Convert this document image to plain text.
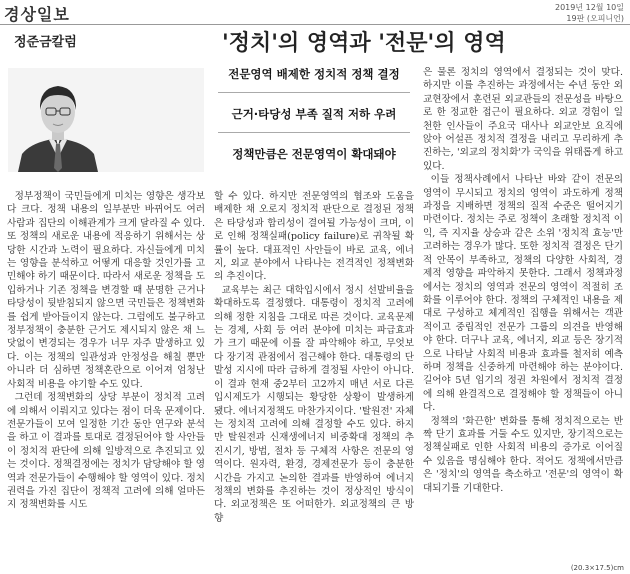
경상일보	2019년 12월 10일
19판 (오피니언)
정준금칼럼	'정치'의 영역과 '전문'의 영역
전문영역 배제한 정치적 정책 결정
근거·타당성 부족 질적 저하 우려
정책만큼은 전문영역이 확대돼야

정부정책이 국민들에게 미치는 영향은 생각보다 크다. 정책 내용의 일부분만 바뀌어도 여러 사람과 집단의 이해관계가 크게 달라질 수 있다. 또 정책의 새로운 내용에 적응하기 위해서는 상당한 시간과 노력이 필요하다. 자신들에게 미치는 영향을 분석하고 어떻게 대응할 것인가를 고민해야 하기 때문이다. 따라서 새로운 정책을 도입하거나 기존 정책을 변경할 때 분명한 근거나 타당성이 뒷받침되지 않으면 국민들은 정책변화를 쉽게 받아들이지 않는다. 그럼에도 불구하고 정부정책이 충분한 근거도 제시되지 않은 채 느닷없이 변경되는 경우가 너무 자주 발생하고 있다. 이는 정책의 일관성과 안정성을 해칠 뿐만 아니라 더 심하면 정책혼란으로 이어져 엄청난 사회적 비용을 야기할 수도 있다.

그런데 정책변화의 상당 부분이 정치적 고려에 의해서 이뤄지고 있다는 점이 더욱 문제이다. 전문가들이 모여 일정한 기간 동안 연구와 분석을 하고 이 결과를 토대로 결정된어야 할 사안들이 정치적 판단에 의해 일방적으로 추진되고 있는 것이다. 정책결정에는 정치가 담당해야 할 영역과 전문가들이 수행해야 할 영역이 있다. 정치권력을 가진 집단이 정책적 고려에 의해 얼마든지 정책변화를 시도

할 수 있다. 하지만 전문영역의 협조와 도움을 배제한 채 오로지 정치적 판단으로 결정된 정책은 타당성과 합리성이 결여될 가능성이 크며, 이로 인해 정책실패(policy failure)로 귀착될 확률이 높다. 대표적인 사안들이 바로 교육, 에너지, 외교 분야에서 나타나는 전격적인 정책변화의 추진이다.

교육부는 최근 대학입시에서 정시 선발비율을 확대하도록 결정했다. 대통령이 정치적 고려에 의해 정한 지침을 그대로 따른 것이다. 교육문제는 경제, 사회 등 여러 분야에 미치는 파급효과가 크기 때문에 이를 잘 파악해야 하고, 무엇보다 장기적 관점에서 접근해야 한다. 대통령의 단발성 지시에 따라 급하게 결정될 사안이 아니다. 이 결과 현재 중2부터 고2까지 매년 서로 다른 입시제도가 시행되는 황당한 상황이 발생하게 됐다. 에너지정책도 마찬가지이다. '탈원전' 자체는 정치적 고려에 의해 결정할 수도 있다. 하지만 탈원전과 신재생에너지 비중확대 정책의 추진시기, 방법, 절차 등 구체적 사항은 전문의 영역이다. 원자력, 환경, 경제전문가 등이 충분한 시간을 가지고 논의한 결과를 반영하여 에너지정책의 변화를 추진하는 것이 정상적인 방식이다. 외교정책은 또 어떠한가. 외교정책의 큰 방향

은 물론 정치의 영역에서 결정되는 것이 맞다. 하지만 이를 추진하는 과정에서는 수년 동안 외교현장에서 훈련된 외교관들의 전문성을 바탕으로 한 정교한 접근이 필요하다. 외교 경험이 일천한 인사들이 주요국 대사나 외교안보 요직에 앉아 어설픈 정치적 결정을 내리고 무리하게 추진하는, '외교의 정치화'가 국익을 위태롭게 하고 있다.

이들 정책사례에서 나타난 바와 같이 전문의 영역이 무시되고 정치의 영역이 과도하게 정책과정을 지배하면 정책의 질적 수준은 떨어지기 마련이다. 정치는 주로 정책이 초래할 정치적 이익, 즉 지지율 상승과 같은 소위 '정치적 효능'만 고려하는 경우가 많다. 또한 정치적 결정은 단기적 안목이 부족하고, 정책의 다양한 사회적, 경제적 영향을 파악하지 못한다. 그래서 정책과정에서는 정치의 영역과 전문의 영역이 적절히 조화를 이루어야 한다. 정책의 구체적인 내용을 제대로 구성하고 체계적인 집행을 위해서는 객관적이고 중립적인 전문가 그룹의 의견을 반영해야 한다. 더구나 교육, 에너지, 외교 등은 장기적으로 나타날 사회적 비용과 효과를 철저히 예측하며 정책을 신중하게 마련해야 하는 분야이다. 길어야 5년 임기의 정권 차원에서 정치적 결정에 의해 완결적으로 결정해야 할 정책들이 아니다.

정책의 '화끈한' 변화를 통해 정치적으로는 반짝 단기 효과를 거둘 수도 있지만, 장기적으로는 정책실패로 인한 사회적 비용의 증가로 이어질 수 있음을 명심해야 한다. 적어도 정책에서만큼은 '정치'의 영역을 축소하고 '전문'의 영역이 확대되기를 기대한다.

(20.3×17.5)cm
